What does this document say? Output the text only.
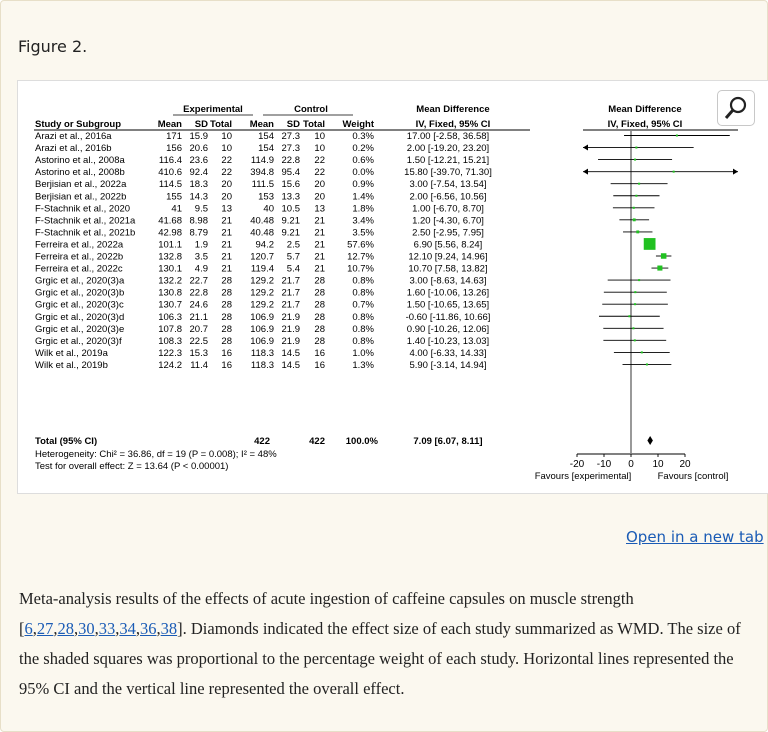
Figure 2.
Experimental	Control	Mean Difference	Mean Difference
Study or Subgroup	Mean SD Total Mean SD Total Weight	IV, Fixed, 95% CI	IV, Fixed, 95% CI
Arazi et al., 2016a	171 15.9 10	154 27.3 10	0.3%	17.00 [-2.58, 36.58]
Arazi et al., 2016b	156 20.6 10	154 27.3 10	0.2%	2.00 [-19.20, 23.20]
Astorino et al., 2008a	116.4 23.6 22 114.9 22.8 22	0.6%	1.50 [-12.21, 15.21]
Astorino et al., 2008b	410.6 92.4 22 394.8 95.4 22	0.0%	15.80 [-39.70, 71.30]
Berjisian et al., 2022a	114.5 18.3 20 111.5 15.6 20	0.9%	3.00 [-7.54, 13.54]
Berjisian et al., 2022b	155 14.3 20	153 13.3 20	1.4%	2.00 [-6.56, 10.56]
F-Stachnik et al., 2020	41 9.5 13	40 10.5 13	1.8%	1.00 [-6.70, 8.70]
F-Stachnik et al., 2021a 41.68 8.98 21 40.48 9.21 21	3.4%	1.20 [-4.30, 6.70]
F-Stachnik et al., 2021b 42.98 8.79 21 40.48 9.21 21	3.5%	2.50 [-2.95, 7.95]
Ferreira et al., 2022a	101.1 1.9 21 94.2 2.5 21 57.6%	6.90 [5.56, 8.24]
Ferreira et al., 2022b	132.8 3.5 21 120.7 5.7 21 12.7%	12.10 [9.24, 14.96]
Ferreira et al., 2022c	130.1 4.9 21 119.4 5.4 21 10.7%	10.70 [7.58, 13.82]
Grgic et al., 2020(3)a	132.2 22.7 28 129.2 21.7 28	0.8%	3.00 [-8.63, 14.63]
Grgic et al., 2020(3)b	130.8 22.8 28 129.2 21.7 28	0.8%	1.60 [-10.06, 13.26]
Grgic et al., 2020(3)c	130.7 24.6 28 129.2 21.7 28	0.7%	1.50 [-10.65, 13.65]
Grgic et al., 2020(3)d	106.3 21.1 28 106.9 21.9 28	0.8%	-0.60 [-11.86, 10.66]
Grgic et al., 2020(3)e	107.8 20.7 28 106.9 21.9 28	0.8%	0.90 [-10.26, 12.06]
Grgic et al., 2020(3)f	108.3 22.5 28 106.9 21.9 28	0.8%	1.40 [-10.23, 13.03]
Wilk et al., 2019a	122.3 15.3 16 118.3 14.5 16	1.0%	4.00 [-6.33, 14.33]
Wilk et al., 2019b	124.2 11.4 16 118.3 14.5 16	1.3%	5.90 [-3.14, 14.94]
Total (95% CI)	422	422 100.0%	7.09 [6.07, 8.11]
Heterogeneity: Chi² = 36.86, df = 19 (P = 0.008); I² = 48%
Test for overall effect: Z = 13.64 (P < 0.00001)	-20 -10 0 10 20
Favours [experimental]	Favours [control]
Open in a new tab
Meta-analysis results of the effects of acute ingestion of caffeine capsules on muscle strength [6,27,28,30,33,34,36,38]. Diamonds indicated the effect size of each study summarized as WMD. The size of the shaded squares was proportional to the percentage weight of each study. Horizontal lines represented the 95% CI and the vertical line represented the overall effect.
